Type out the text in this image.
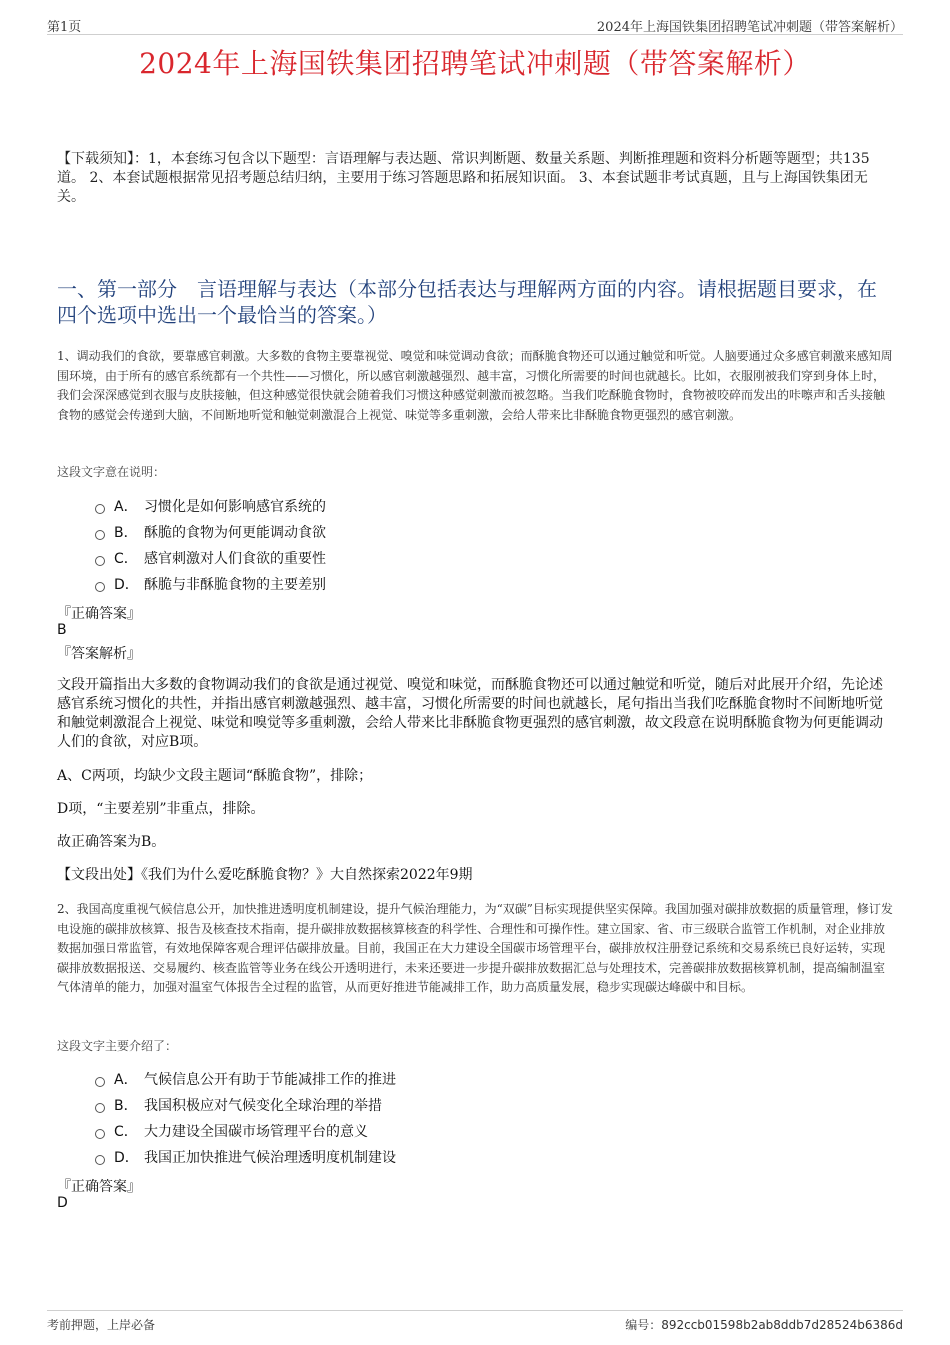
第1页	2024年上海国铁集团招聘笔试冲刺题（带答案解析）
2024年上海国铁集团招聘笔试冲刺题（带答案解析）
【下载须知】：1，本套练习包含以下题型：言语理解与表达题、常识判断题、数量关系题、判断推理题和资料分析题等题型；共135道。 2、本套试题根据常见招考题总结归纳，主要用于练习答题思路和拓展知识面。 3、本套试题非考试真题，且与上海国铁集团无关。
一、第一部分　言语理解与表达（本部分包括表达与理解两方面的内容。请根据题目要求，在四个选项中选出一个最恰当的答案。）
1、调动我们的食欲，要靠感官刺激。大多数的食物主要靠视觉、嗅觉和味觉调动食欲；而酥脆食物还可以通过触觉和听觉。人脑要通过众多感官刺激来感知周围环境，由于所有的感官系统都有一个共性——习惯化，所以感官刺激越强烈、越丰富，习惯化所需要的时间也就越长。比如，衣服刚被我们穿到身体上时，我们会深深感觉到衣服与皮肤接触，但这种感觉很快就会随着我们习惯这种感觉刺激而被忽略。当我们吃酥脆食物时，食物被咬碎而发出的咔嚓声和舌头接触食物的感觉会传递到大脑，不间断地听觉和触觉刺激混合上视觉、味觉等多重刺激，会给人带来比非酥脆食物更强烈的感官刺激。
这段文字意在说明：
A． 习惯化是如何影响感官系统的
B． 酥脆的食物为何更能调动食欲
C． 感官刺激对人们食欲的重要性
D． 酥脆与非酥脆食物的主要差别
『正确答案』
B
『答案解析』
文段开篇指出大多数的食物调动我们的食欲是通过视觉、嗅觉和味觉，而酥脆食物还可以通过触觉和听觉，随后对此展开介绍，先论述感官系统习惯化的共性，并指出感官刺激越强烈、越丰富，习惯化所需要的时间也就越长，尾句指出当我们吃酥脆食物时不间断地听觉和触觉刺激混合上视觉、味觉和嗅觉等多重刺激，会给人带来比非酥脆食物更强烈的感官刺激，故文段意在说明酥脆食物为何更能调动人们的食欲，对应B项。
A、C两项，均缺少文段主题词“酥脆食物”，排除；
D项，“主要差别”非重点，排除。
故正确答案为B。
【文段出处】《我们为什么爱吃酥脆食物？》大自然探索2022年9期
2、我国高度重视气候信息公开，加快推进透明度机制建设，提升气候治理能力，为“双碳”目标实现提供坚实保障。我国加强对碳排放数据的质量管理，修订发电设施的碳排放核算、报告及核查技术指南，提升碳排放数据核算核查的科学性、合理性和可操作性。建立国家、省、市三级联合监管工作机制，对企业排放数据加强日常监管，有效地保障客观合理评估碳排放量。目前，我国正在大力建设全国碳市场管理平台，碳排放权注册登记系统和交易系统已良好运转，实现碳排放数据报送、交易履约、核查监管等业务在线公开透明进行，未来还要进一步提升碳排放数据汇总与处理技术，完善碳排放数据核算机制，提高编制温室气体清单的能力，加强对温室气体报告全过程的监管，从而更好推进节能减排工作，助力高质量发展，稳步实现碳达峰碳中和目标。
这段文字主要介绍了：
A． 气候信息公开有助于节能减排工作的推进
B． 我国积极应对气候变化全球治理的举措
C． 大力建设全国碳市场管理平台的意义
D． 我国正加快推进气候治理透明度机制建设
『正确答案』
D
考前押题，上岸必备	编号：892ccb01598b2ab8ddb7d28524b6386d
